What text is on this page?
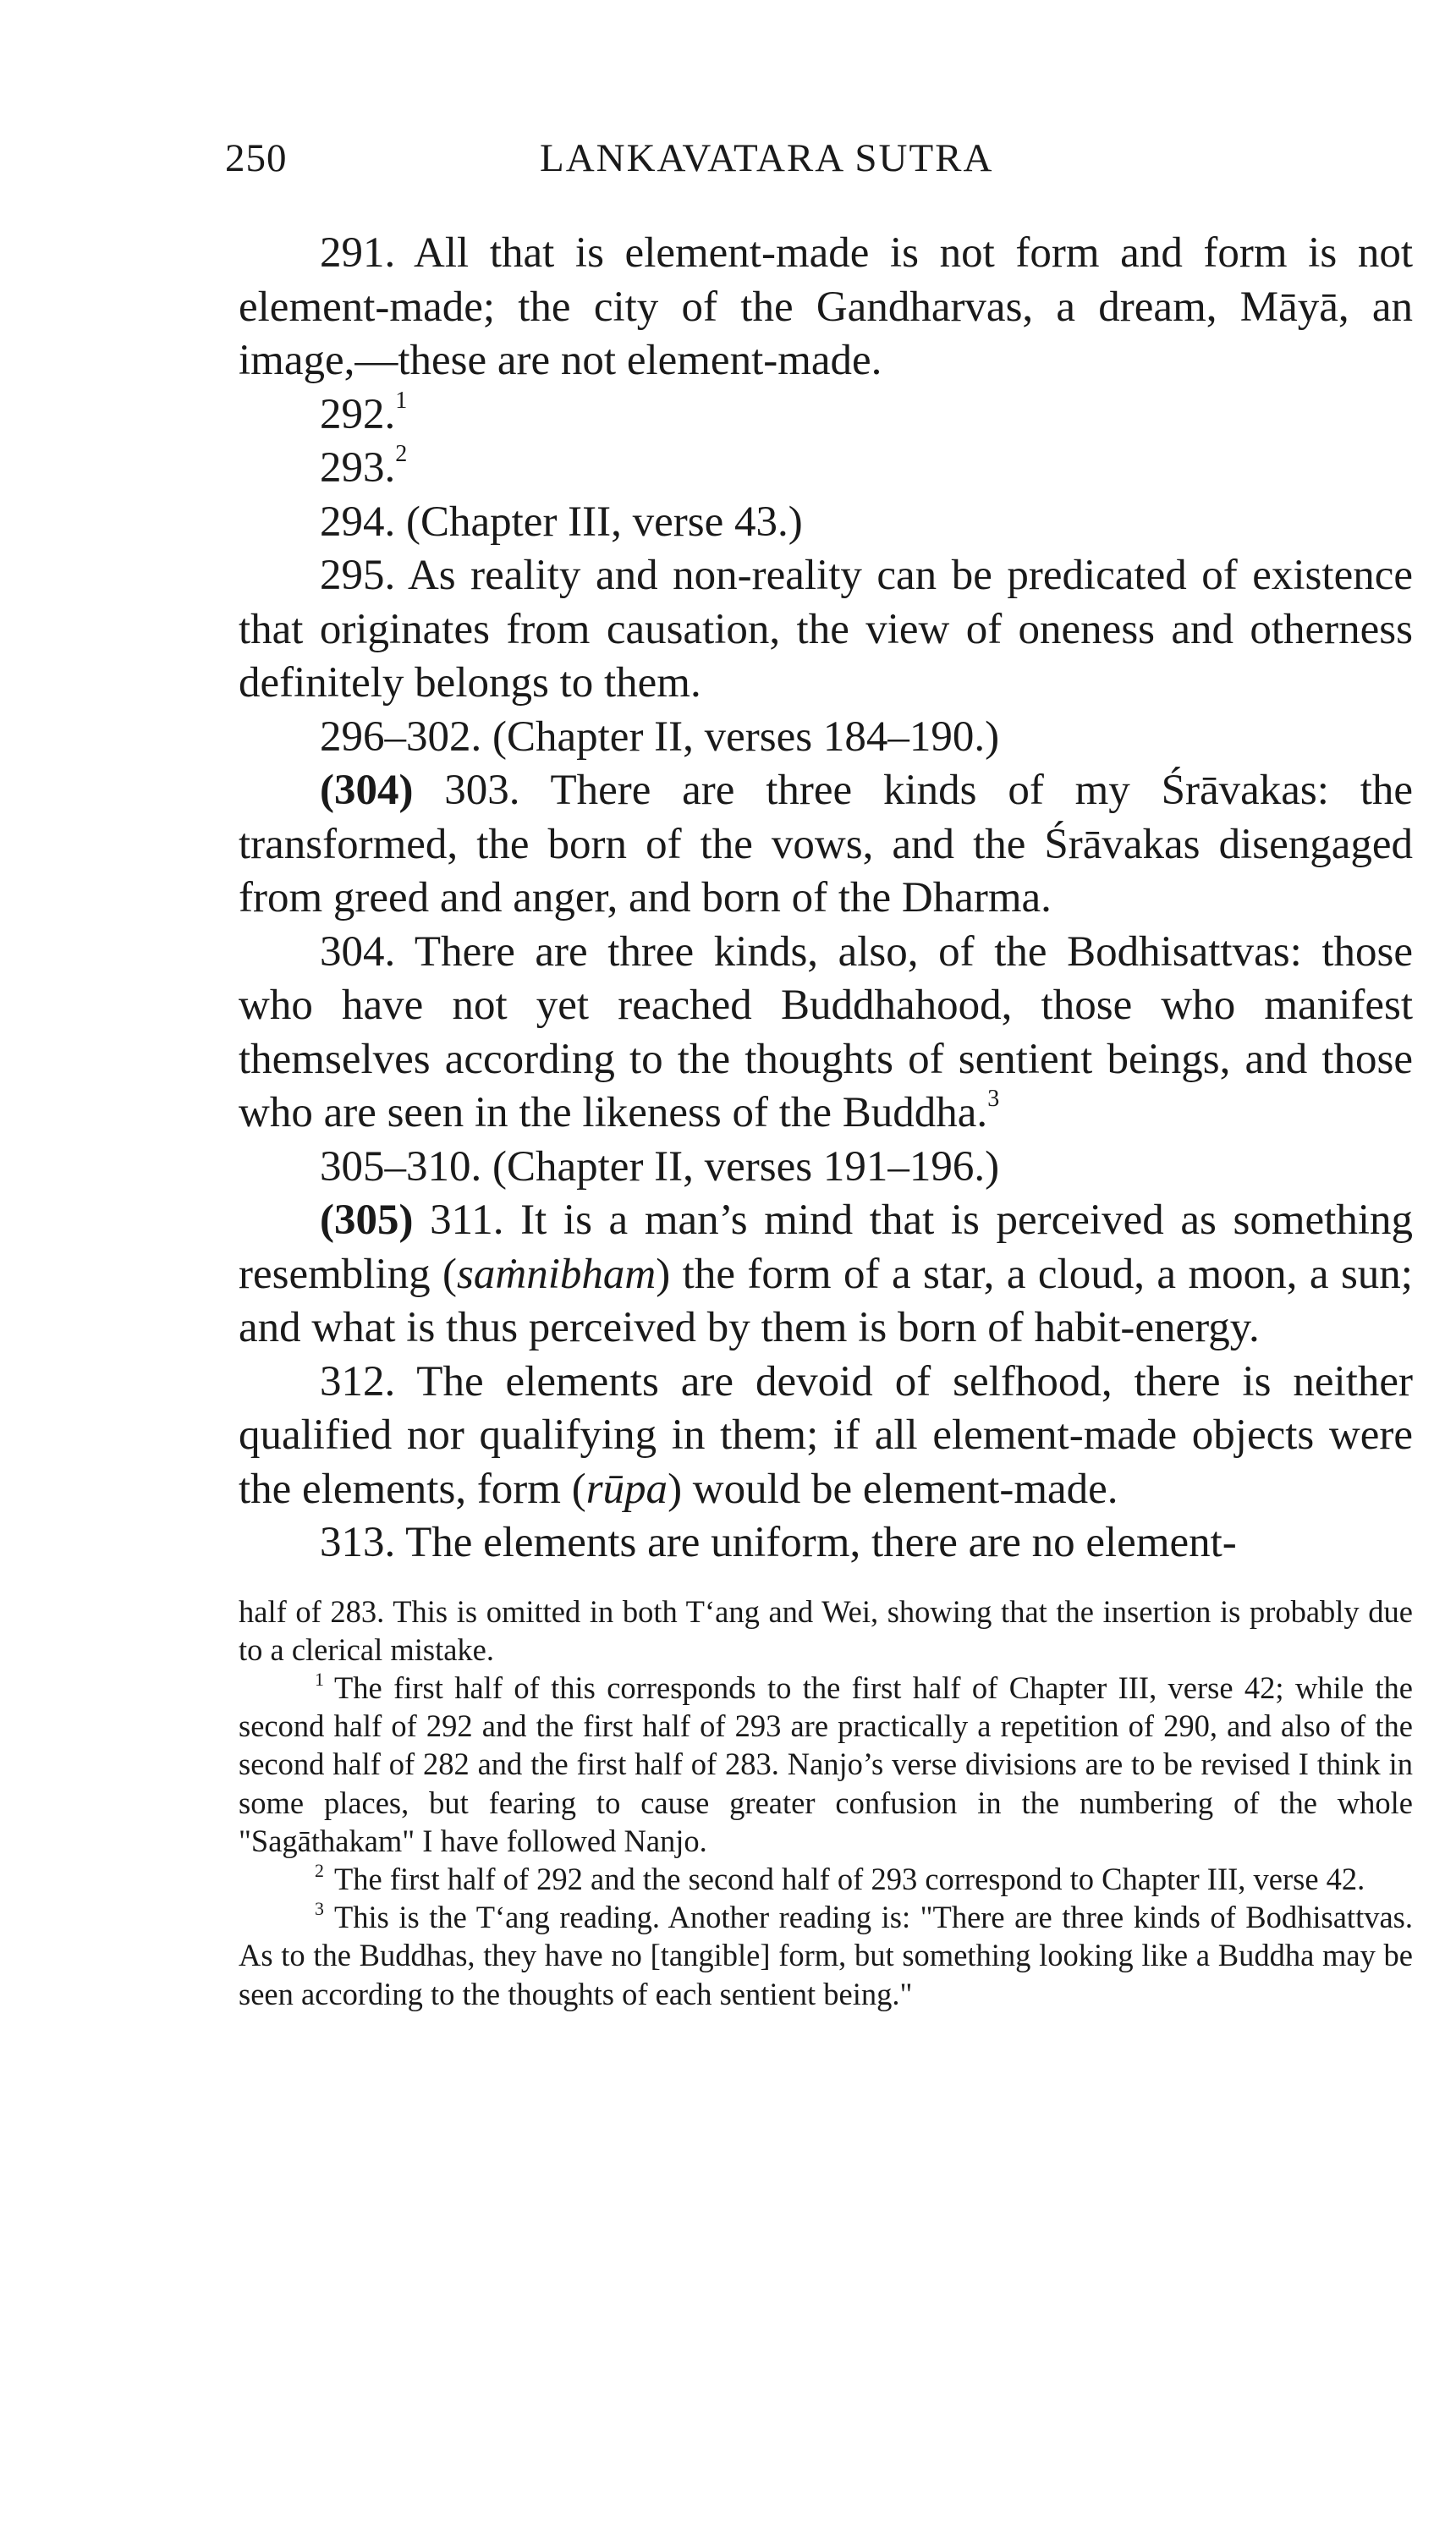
250	LANKAVATARA SUTRA

291. All that is element-made is not form and form is not element-made; the city of the Gandharvas, a dream, Māyā, an image,—these are not element-made.

292.$^1$

293.$^2$

294. (Chapter III, verse 43.)

295. As reality and non-reality can be predicated of existence that originates from causation, the view of oneness and otherness definitely belongs to them.

296–302. (Chapter II, verses 184–190.)

(304) 303. There are three kinds of my Śrāvakas: the transformed, the born of the vows, and the Śrāvakas disengaged from greed and anger, and born of the Dharma.

304. There are three kinds, also, of the Bodhisattvas: those who have not yet reached Buddhahood, those who manifest themselves according to the thoughts of sentient beings, and those who are seen in the likeness of the Buddha.$^3$

305–310. (Chapter II, verses 191–196.)

(305) 311. It is a man’s mind that is perceived as something resembling (saṁnibham) the form of a star, a cloud, a moon, a sun; and what is thus perceived by them is born of habit-energy.

312. The elements are devoid of selfhood, there is neither qualified nor qualifying in them; if all element-made objects were the elements, form (rūpa) would be element-made.

313. The elements are uniform, there are no element-

half of 283. This is omitted in both T‘ang and Wei, showing that the insertion is probably due to a clerical mistake.

$^1$ The first half of this corresponds to the first half of Chapter III, verse 42; while the second half of 292 and the first half of 293 are practically a repetition of 290, and also of the second half of 282 and the first half of 283. Nanjo’s verse divisions are to be revised I think in some places, but fearing to cause greater confusion in the numbering of the whole "Sagāthakam" I have followed Nanjo.

$^2$ The first half of 292 and the second half of 293 correspond to Chapter III, verse 42.

$^3$ This is the T‘ang reading. Another reading is: "There are three kinds of Bodhisattvas. As to the Buddhas, they have no [tangible] form, but something looking like a Buddha may be seen according to the thoughts of each sentient being."
